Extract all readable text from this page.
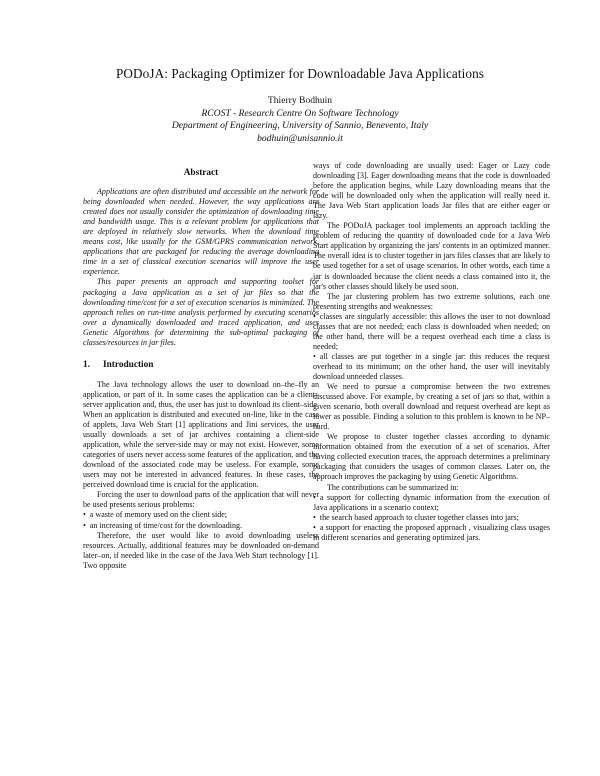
PODoJA: Packaging Optimizer for Downloadable Java Applications
Thierry Bodhuin
RCOST - Research Centre On Software Technology
Department of Engineering, University of Sannio, Benevento, Italy
bodhuin@unisannio.it
Abstract

Applications are often distributed and accessible on the network for being downloaded when needed. However, the way applications are created does not usually consider the optimization of downloading time and bandwidth usage. This is a relevant problem for applications that are deployed in relatively slow networks. When the download time means cost, like usually for the GSM/GPRS communication network, applications that are packaged for reducing the average downloading time in a set of classical execution scenarios will improve the user experience.

This paper presents an approach and supporting toolset for packaging a Java application as a set of jar files so that the downloading time/cost for a set of execution scenarios is minimized. The approach relies on run-time analysis performed by executing scenarios over a dynamically downloaded and traced application, and uses Genetic Algorithms for determining the sub-optimal packaging of classes/resources in jar files.

1. Introduction

The Java technology allows the user to download on–the–fly an application, or part of it. In some cases the application can be a client–server application and, thus, the user has just to download its client–side. When an application is distributed and executed on-line, like in the case of applets, Java Web Start [1] applications and Jini services, the user usually downloads a set of jar archives containing a client-side application, while the server-side may or may not exist. However, some categories of users never access some features of the application, and the download of the associated code may be useless. For example, some users may not be interested in advanced features. In these cases, the perceived download time is crucial for the application.

Forcing the user to download parts of the application that will never be used presents serious problems:

• a waste of memory used on the client side;

• an increasing of time/cost for the downloading.

Therefore, the user would like to avoid downloading useless resources. Actually, additional features may be downloaded on-demand later–on, if needed like in the case of the Java Web Start technology [1]. Two opposite

ways of code downloading are usually used: Eager or Lazy code downloading [3]. Eager downloading means that the code is downloaded before the application begins, while Lazy downloading means that the code will be downloaded only when the application will really need it. The Java Web Start application loads Jar files that are either eager or lazy.

The PODoJA packager tool implements an approach tackling the problem of reducing the quantity of downloaded code for a Java Web Start application by organizing the jars' contents in an optimized manner. The overall idea is to cluster together in jars files classes that are likely to be used together for a set of usage scenarios. In other words, each time a jar is downloaded because the client needs a class contained into it, the jar's other classes should likely be used soon.

The jar clustering problem has two extreme solutions, each one presenting strengths and weaknesses:

• classes are singularly accessible: this allows the user to not download classes that are not needed; each class is downloaded when needed; on the other hand, there will be a request overhead each time a class is needed;

• all classes are put together in a single jar: this reduces the request overhead to its minimum; on the other hand, the user will inevitably download unneeded classes.

We need to pursue a compromise between the two extremes discussed above. For example, by creating a set of jars so that, within a given scenario, both overall download and request overhead are kept as lower as possible. Finding a solution to this problem is known to be NP–hard.

We propose to cluster together classes according to dynamic information obtained from the execution of a set of scenarios. After having collected execution traces, the approach determines a preliminary packaging that considers the usages of common classes. Later on, the approach improves the packaging by using Genetic Algorithms.

The contributions can be summarized in:

• a support for collecting dynamic information from the execution of Java applications in a scenario context;

• the search based approach to cluster together classes into jars;

• a support for enacting the proposed approach , visualizing class usages in different scenarios and generating optimized jars.
